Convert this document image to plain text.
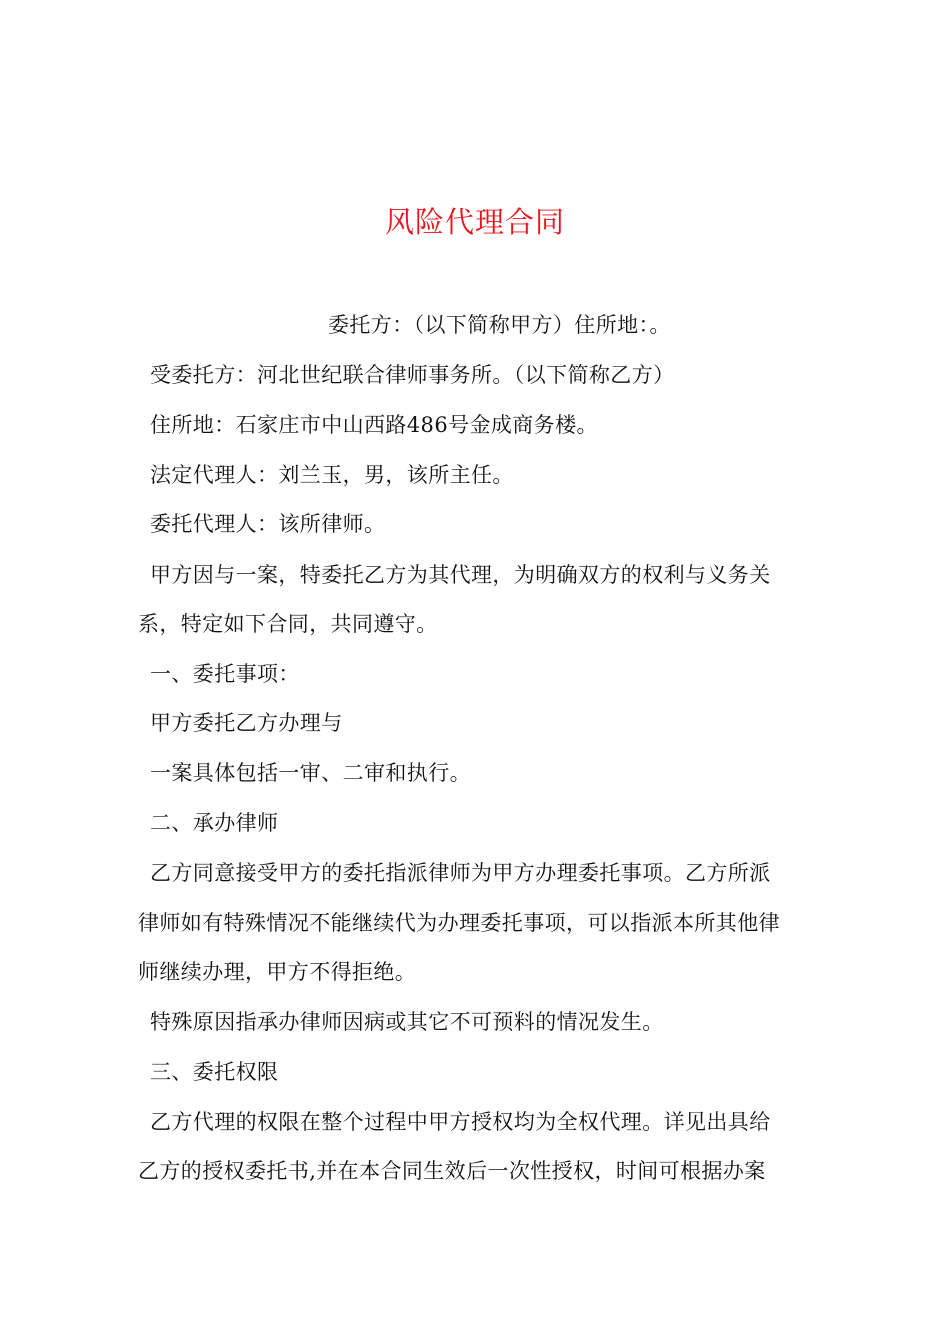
风险代理合同
委托方：（以下简称甲方）住所地：。
受委托方：河北世纪联合律师事务所。（以下简称乙方）
住所地：石家庄市中山西路486号金成商务楼。
法定代理人：刘兰玉，男，该所主任。
委托代理人：该所律师。
甲方因与一案，特委托乙方为其代理，为明确双方的权利与义务关
系，特定如下合同，共同遵守。
一、委托事项：
甲方委托乙方办理与
一案具体包括一审、二审和执行。
二、承办律师
乙方同意接受甲方的委托指派律师为甲方办理委托事项。乙方所派
律师如有特殊情况不能继续代为办理委托事项，可以指派本所其他律
师继续办理，甲方不得拒绝。
特殊原因指承办律师因病或其它不可预料的情况发生。
三、委托权限
乙方代理的权限在整个过程中甲方授权均为全权代理。详见出具给
乙方的授权委托书,并在本合同生效后一次性授权，时间可根据办案
